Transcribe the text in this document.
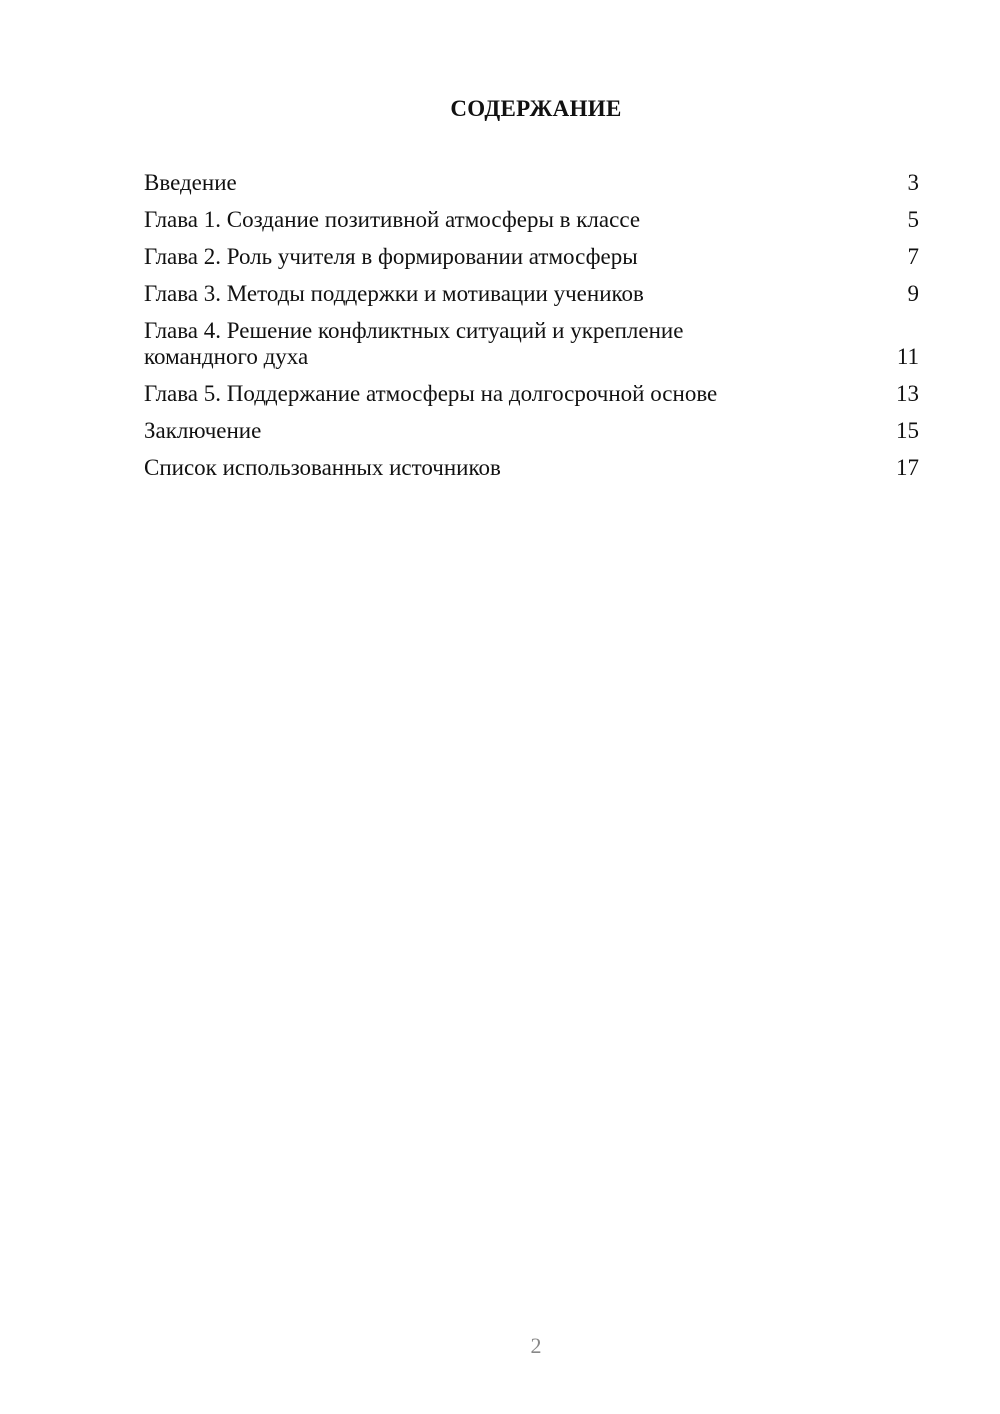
СОДЕРЖАНИЕ
Введение	3
Глава 1. Создание позитивной атмосферы в классе	5
Глава 2. Роль учителя в формировании атмосферы	7
Глава 3. Методы поддержки и мотивации учеников	9
Глава 4. Решение конфликтных ситуаций и укрепление
командного духа	11
Глава 5. Поддержание атмосферы на долгосрочной основе	13
Заключение	15
Список использованных источников	17
2
